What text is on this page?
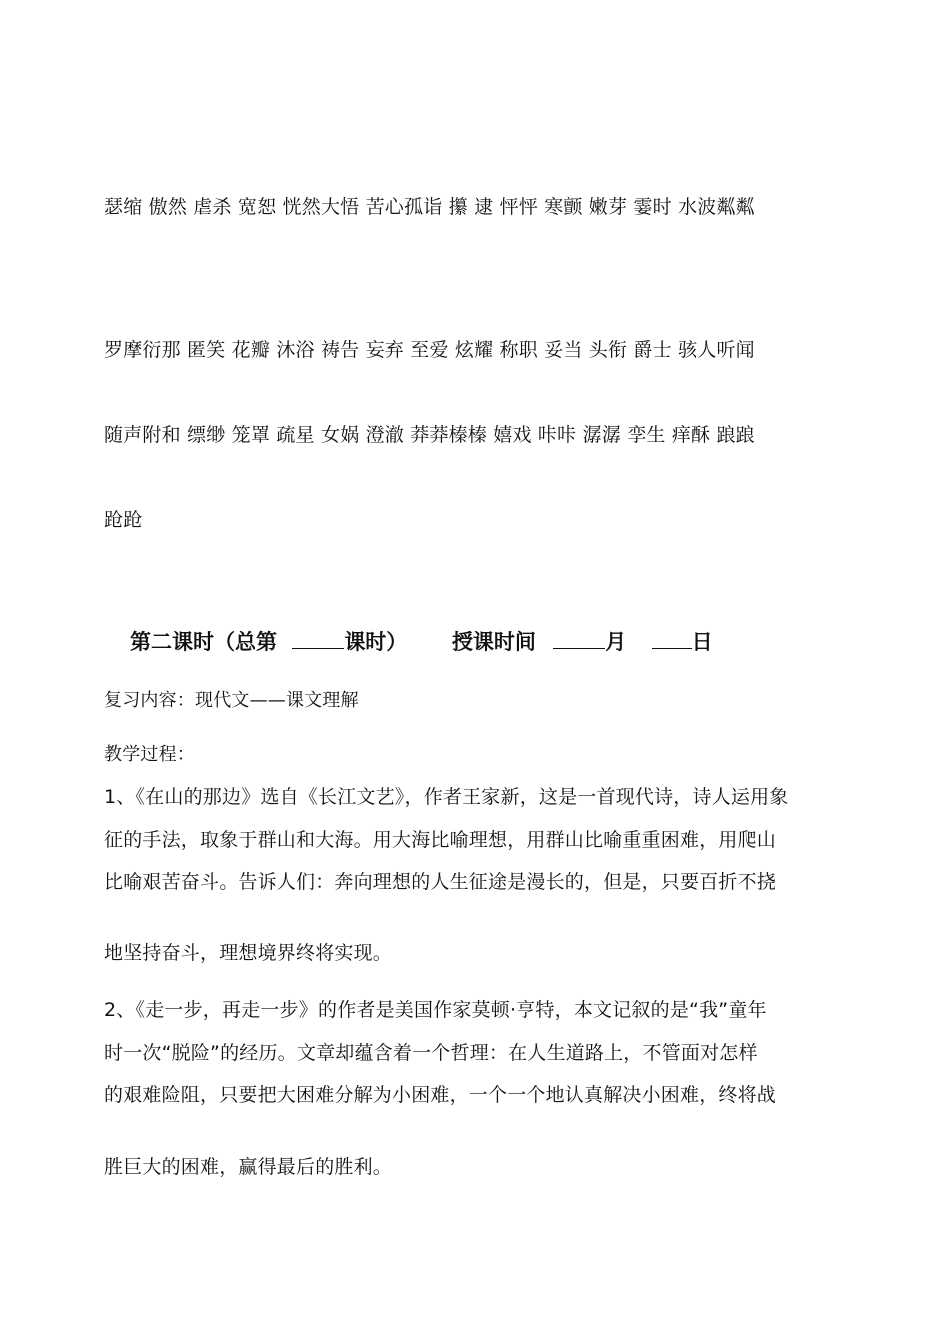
瑟缩 傲然 虐杀 宽恕 恍然大悟 苦心孤诣 攥 逮 怦怦 寒颤 嫩芽 霎时 水波粼粼
罗摩衍那 匿笑 花瓣 沐浴 祷告 妄弃 至爱 炫耀 称职 妥当 头衔 爵士 骇人听闻
随声附和 缥缈 笼罩 疏星 女娲 澄澈 莽莽榛榛 嬉戏 咔咔 潺潺 孪生 痒酥 踉踉
跄跄
第二课时（总第	课时） 授课时间	月	日
复习内容：现代文——课文理解
教学过程：
1、《在山的那边》选自《长江文艺》，作者王家新，这是一首现代诗，诗人运用象
征的手法，取象于群山和大海。用大海比喻理想，用群山比喻重重困难，用爬山
比喻艰苦奋斗。告诉人们：奔向理想的人生征途是漫长的，但是，只要百折不挠
地坚持奋斗，理想境界终将实现。
2、《走一步，再走一步》的作者是美国作家莫顿·亨特，本文记叙的是“我”童年
时一次“脱险”的经历。文章却蕴含着一个哲理：在人生道路上，不管面对怎样
的艰难险阻，只要把大困难分解为小困难，一个一个地认真解决小困难，终将战
胜巨大的困难，赢得最后的胜利。
